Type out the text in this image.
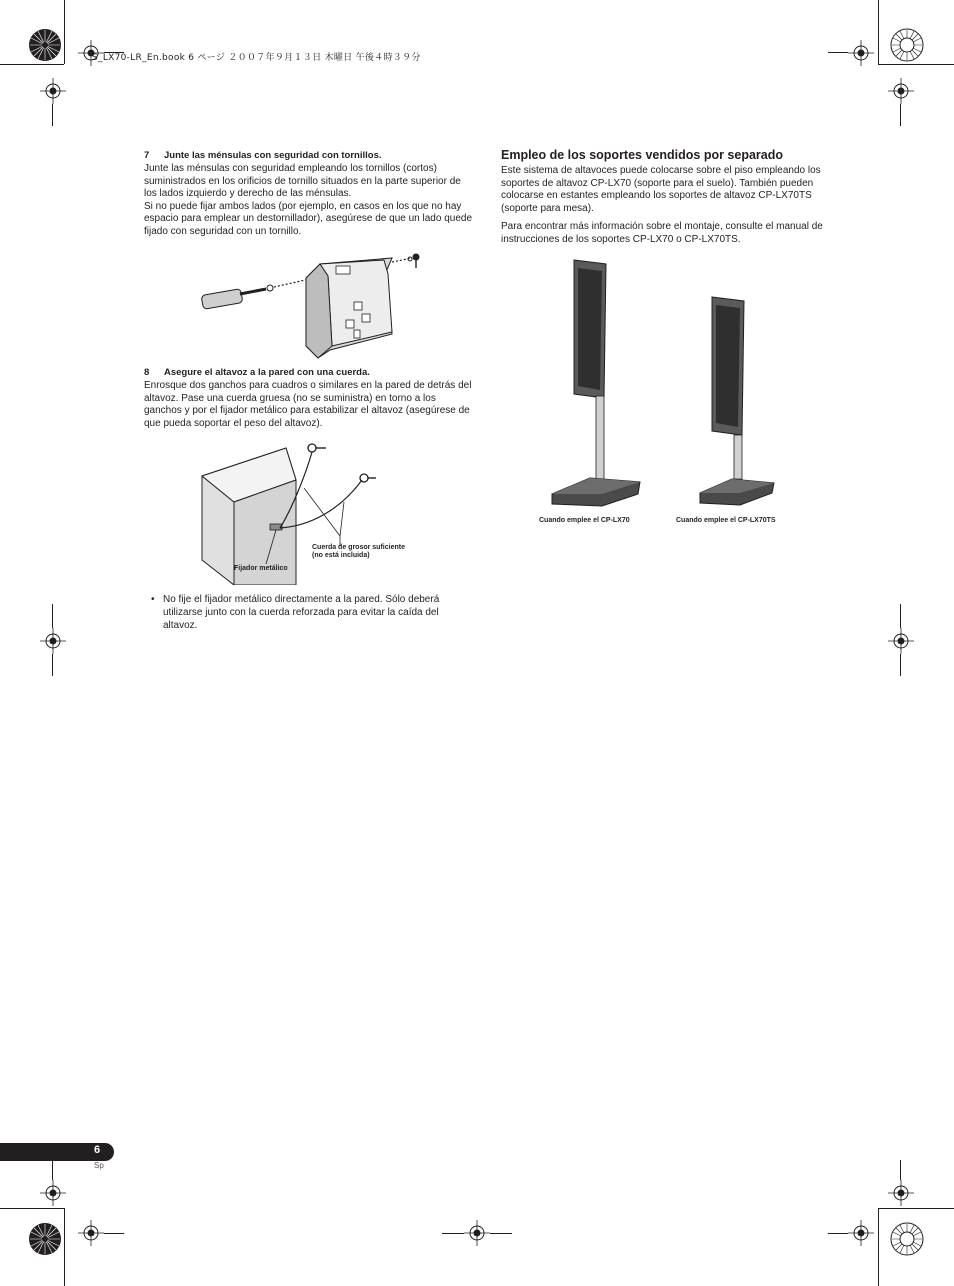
S_LX70-LR_En.book 6 ページ ２００７年９月１３日 木曜日 午後４時３９分
7 Junte las ménsulas con seguridad con tornillos.

Junte las ménsulas con seguridad empleando los tornillos (cortos) suministrados en los orificios de tornillo situados en la parte superior de los lados izquierdo y derecho de las ménsulas.

Si no puede fijar ambos lados (por ejemplo, en casos en los que no hay espacio para emplear un destornillador), asegúrese de que un lado quede fijado con seguridad con un tornillo.

8 Asegure el altavoz a la pared con una cuerda.

Enrosque dos ganchos para cuadros o similares en la pared de detrás del altavoz. Pase una cuerda gruesa (no se suministra) en torno a los ganchos y por el fijador metálico para estabilizar el altavoz (asegúrese de que pueda soportar el peso del altavoz).

Cuerda de grosor suficiente
(no está incluida)
Fijador metálico
• No fije el fijador metálico directamente a la pared. Sólo deberá utilizarse junto con la cuerda reforzada para evitar la caída del altavoz.
Empleo de los soportes vendidos por separado

Este sistema de altavoces puede colocarse sobre el piso empleando los soportes de altavoz CP-LX70 (soporte para el suelo). También pueden colocarse en estantes empleando los soportes de altavoz CP-LX70TS (soporte para mesa).

Para encontrar más información sobre el montaje, consulte el manual de instrucciones de los soportes CP-LX70 o CP-LX70TS.

Cuando emplee el CP-LX70	Cuando emplee el CP-LX70TS
6
Sp
